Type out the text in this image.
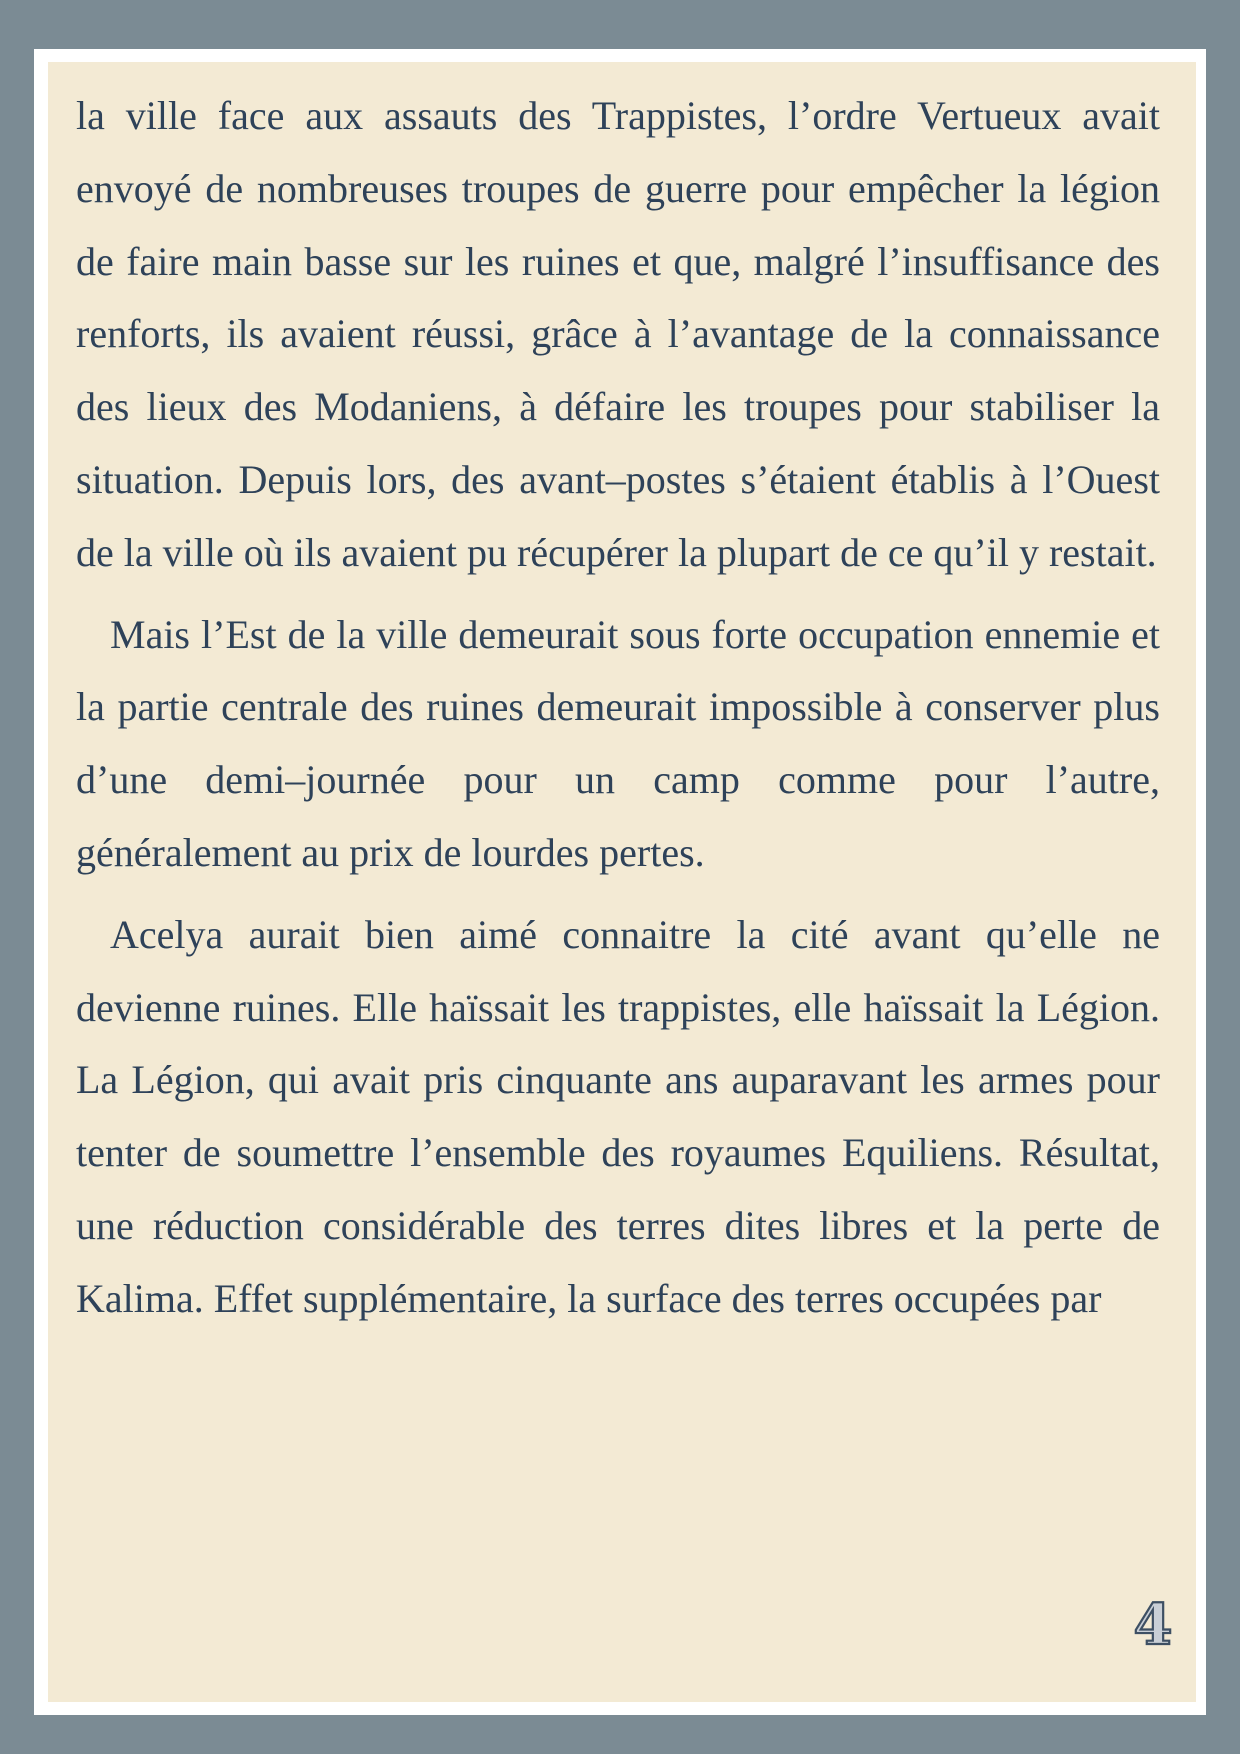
la ville face aux assauts des Trappistes, l’ordre Vertueux avait envoyé de nombreuses troupes de guerre pour empêcher la légion de faire main basse sur les ruines et que, malgré l’insuffisance des renforts, ils avaient réussi, grâce à l’avantage de la connaissance des lieux des Modaniens, à défaire les troupes pour stabiliser la situation. Depuis lors, des avant–postes s’étaient établis à l’Ouest de la ville où ils avaient pu récupérer la plupart de ce qu’il y restait.

Mais l’Est de la ville demeurait sous forte occupation ennemie et la partie centrale des ruines demeurait impossible à conserver plus d’une demi–journée pour un camp comme pour l’autre, généralement au prix de lourdes pertes.

Acelya aurait bien aimé connaitre la cité avant qu’elle ne devienne ruines. Elle haïssait les trappistes, elle haïssait la Légion. La Légion, qui avait pris cinquante ans auparavant les armes pour tenter de soumettre l’ensemble des royaumes Equiliens. Résultat, une réduction considérable des terres dites libres et la perte de Kalima. Effet supplémentaire, la surface des terres occupées par

4
